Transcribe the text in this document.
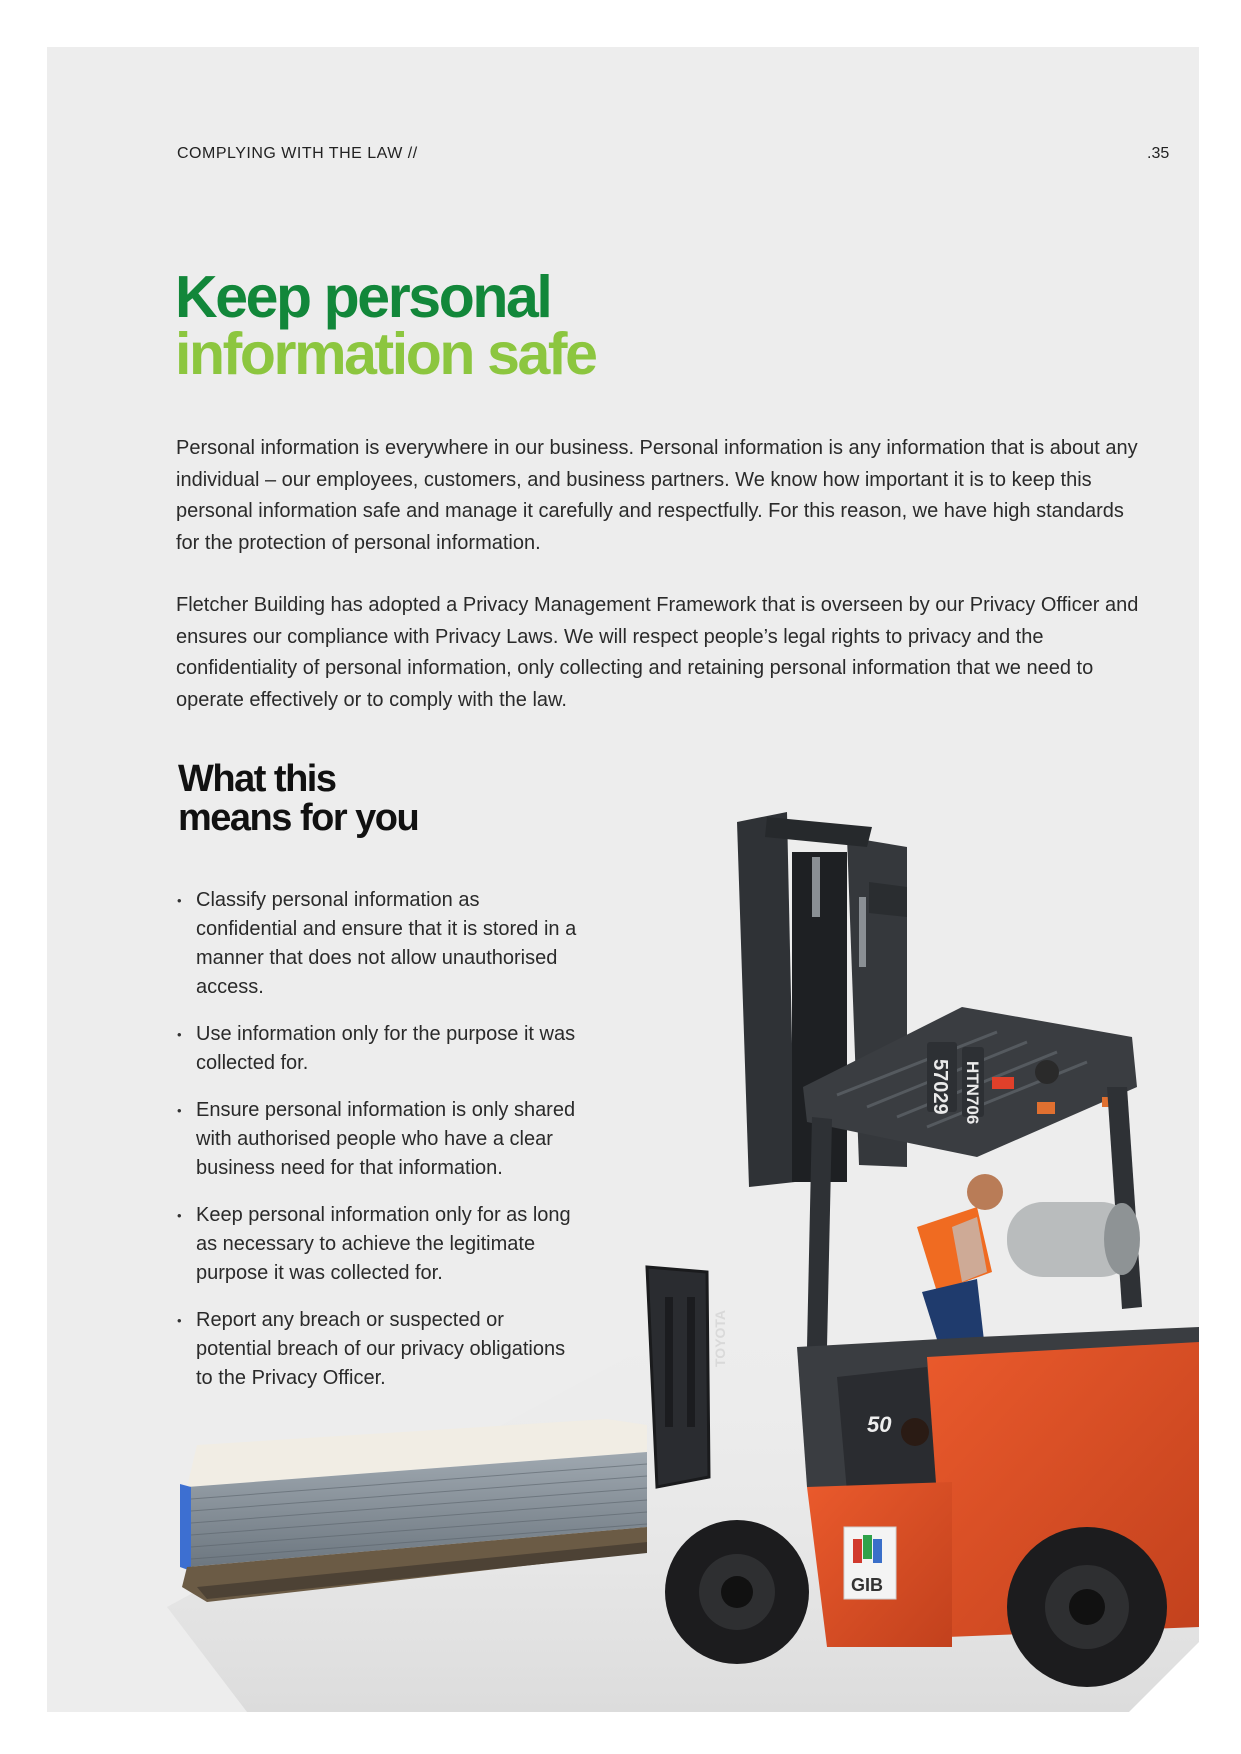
COMPLYING WITH THE LAW //	.35
Keep personal
information safe

Personal information is everywhere in our business. Personal information is any information that is about any individual – our employees, customers, and business partners. We know how important it is to keep this personal information safe and manage it carefully and respectfully. For this reason, we have high standards for the protection of personal information.

Fletcher Building has adopted a Privacy Management Framework that is overseen by our Privacy Officer and ensures our compliance with Privacy Laws. We will respect people’s legal rights to privacy and the confidentiality of personal information, only collecting and retaining personal information that we need to operate effectively or to comply with the law.

What this
means for you
• Classify personal information as confidential and ensure that it is stored in a manner that does not allow unauthorised access.
• Use information only for the purpose it was collected for.
• Ensure personal information is only shared with authorised people who have a clear business need for that information.
• Keep personal information only for as long as necessary to achieve the legitimate purpose it was collected for.
• Report any breach or suspected or potential breach of our privacy obligations to the Privacy Officer.
TOYOTA
57029 HTN706
50
GIB
